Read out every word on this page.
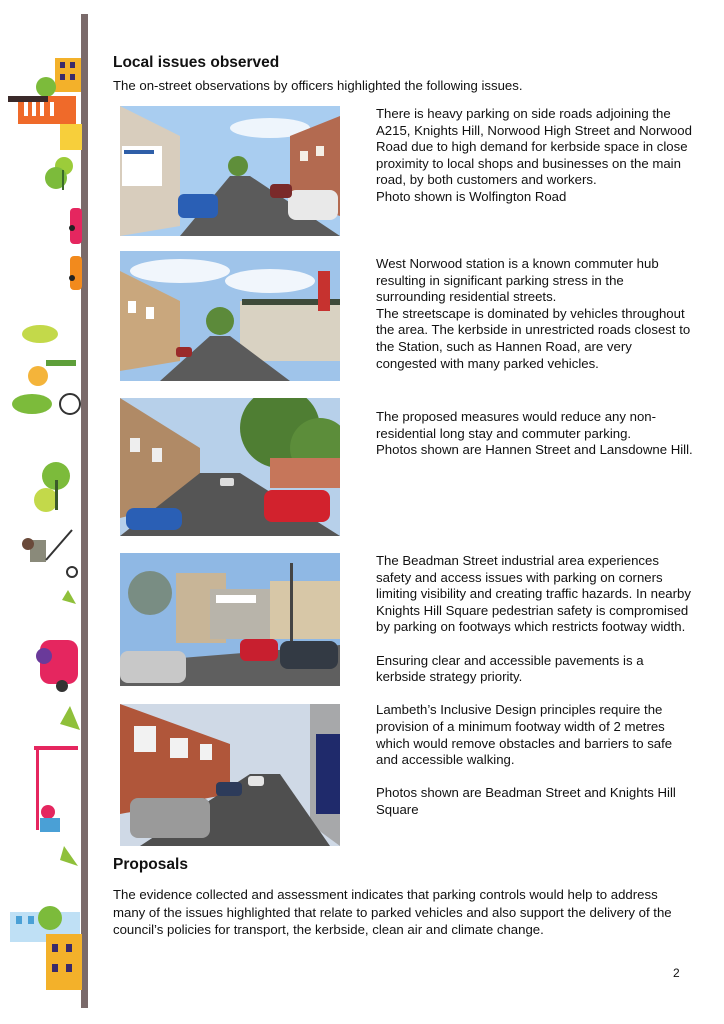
Local issues observed

The on-street observations by officers highlighted the following issues.

There is heavy parking on side roads adjoining the A215, Knights Hill, Norwood High Street and Norwood Road due to high demand for kerbside space in close proximity to local shops and businesses on the main road, by both customers and workers.

Photo shown is Wolfington Road

West Norwood station is a known commuter hub resulting in significant parking stress in the surrounding residential streets.

The streetscape is dominated by vehicles throughout the area. The kerbside in unrestricted roads closest to the Station, such as Hannen Road, are very congested with many parked vehicles.

The proposed measures would reduce any non-residential long stay and commuter parking.

Photos shown are Hannen Street and Lansdowne Hill.

The Beadman Street industrial area experiences safety and access issues with parking on corners limiting visibility and creating traffic hazards. In nearby Knights Hill Square pedestrian safety is compromised by parking on footways which restricts footway width.

Ensuring clear and accessible pavements is a kerbside strategy priority.

Lambeth’s Inclusive Design principles require the provision of a minimum footway width of 2 metres which would remove obstacles and barriers to safe and accessible walking.

Photos shown are Beadman Street and Knights Hill Square

Proposals

The evidence collected and assessment indicates that parking controls would help to address many of the issues highlighted that relate to parked vehicles and also support the delivery of the council’s policies for transport, the kerbside, clean air and climate change.

2
